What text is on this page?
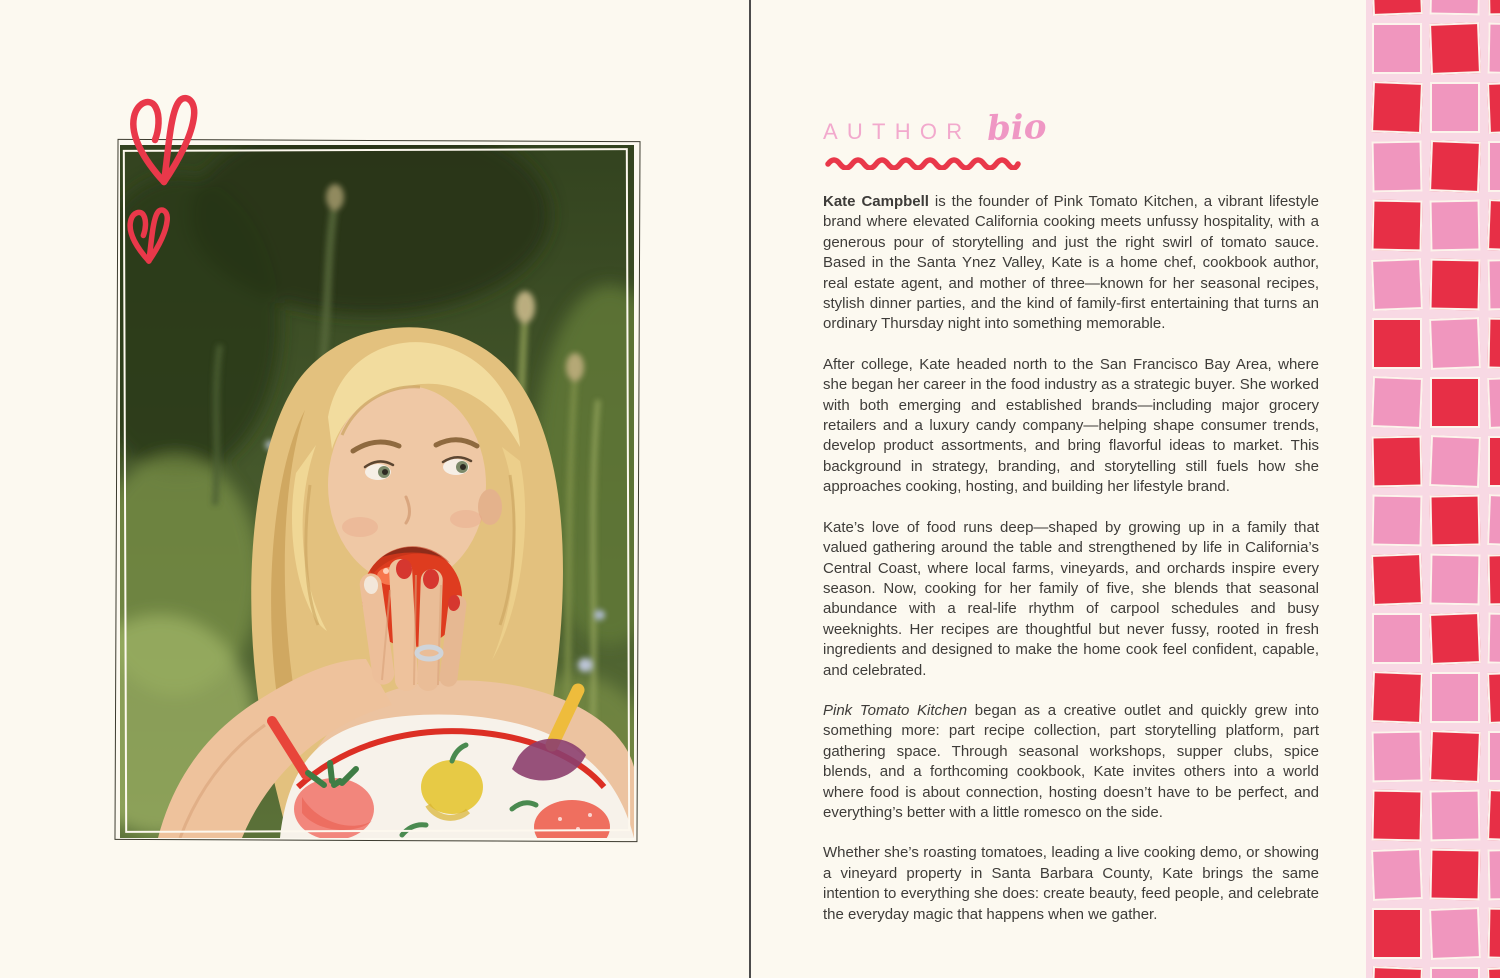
AUTHOR bio

Kate Campbell is the founder of Pink Tomato Kitchen, a vibrant lifestyle brand where elevated California cooking meets unfussy hospitality, with a generous pour of storytelling and just the right swirl of tomato sauce. Based in the Santa Ynez Valley, Kate is a home chef, cookbook author, real estate agent, and mother of three—known for her seasonal recipes, stylish dinner parties, and the kind of family-first entertaining that turns an ordinary Thursday night into something memorable.

After college, Kate headed north to the San Francisco Bay Area, where she began her career in the food industry as a strategic buyer. She worked with both emerging and established brands—including major grocery retailers and a luxury candy company—helping shape consumer trends, develop product assortments, and bring flavorful ideas to market. This background in strategy, branding, and storytelling still fuels how she approaches cooking, hosting, and building her lifestyle brand.

Kate’s love of food runs deep—shaped by growing up in a family that valued gathering around the table and strengthened by life in California’s Central Coast, where local farms, vineyards, and orchards inspire every season. Now, cooking for her family of five, she blends that seasonal abundance with a real-life rhythm of carpool schedules and busy weeknights. Her recipes are thoughtful but never fussy, rooted in fresh ingredients and designed to make the home cook feel confident, capable, and celebrated.

Pink Tomato Kitchen began as a creative outlet and quickly grew into something more: part recipe collection, part storytelling platform, part gathering space. Through seasonal workshops, supper clubs, spice blends, and a forthcoming cookbook, Kate invites others into a world where food is about connection, hosting doesn’t have to be perfect, and everything’s better with a little romesco on the side.

Whether she’s roasting tomatoes, leading a live cooking demo, or showing a vineyard property in Santa Barbara County, Kate brings the same intention to everything she does: create beauty, feed people, and celebrate the everyday magic that happens when we gather.
